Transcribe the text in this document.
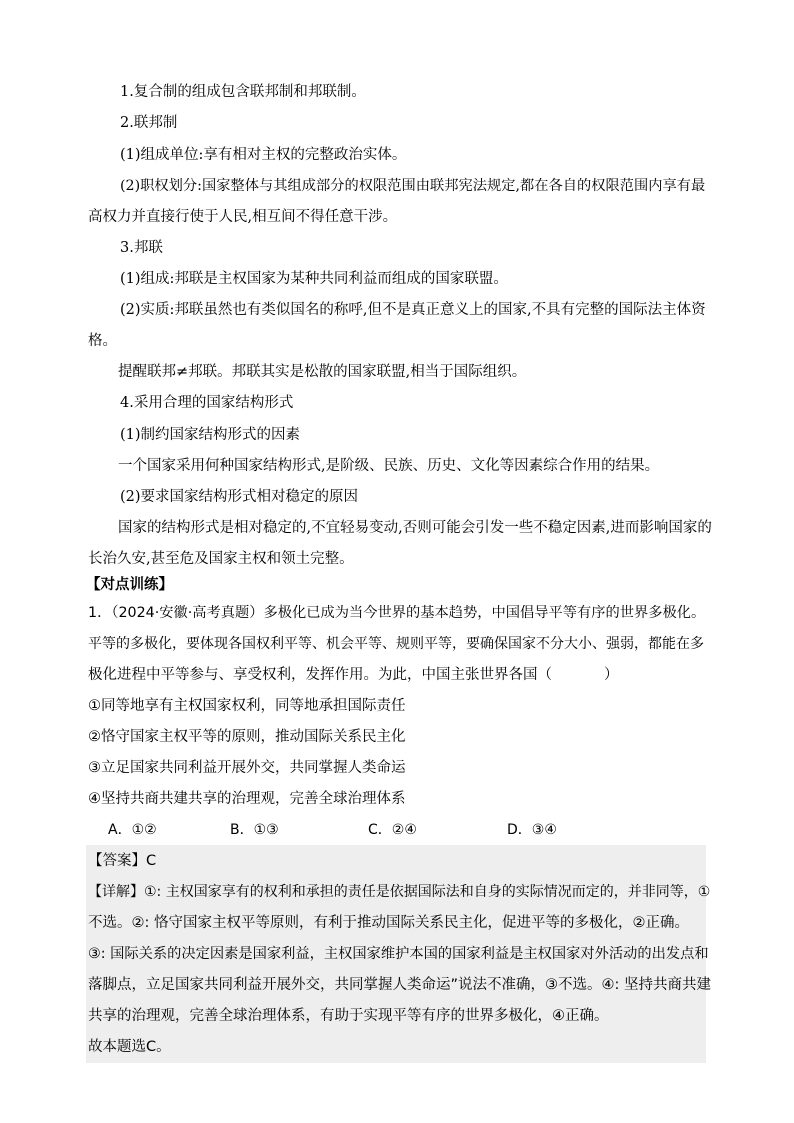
1.复合制的组成包含联邦制和邦联制。
2.联邦制
(1)组成单位:享有相对主权的完整政治实体。
(2)职权划分:国家整体与其组成部分的权限范围由联邦宪法规定,都在各自的权限范围内享有最
高权力并直接行使于人民,相互间不得任意干涉。
3.邦联
(1)组成:邦联是主权国家为某种共同利益而组成的国家联盟。
(2)实质:邦联虽然也有类似国名的称呼,但不是真正意义上的国家,不具有完整的国际法主体资
格。
提醒联邦≠邦联。邦联其实是松散的国家联盟,相当于国际组织。
4.采用合理的国家结构形式
(1)制约国家结构形式的因素
一个国家采用何种国家结构形式,是阶级、民族、历史、文化等因素综合作用的结果。
(2)要求国家结构形式相对稳定的原因
国家的结构形式是相对稳定的,不宜轻易变动,否则可能会引发一些不稳定因素,进而影响国家的
长治久安,甚至危及国家主权和领土完整。
【对点训练】
1．（2024·安徽·高考真题）多极化已成为当今世界的基本趋势，中国倡导平等有序的世界多极化。
平等的多极化，要体现各国权利平等、机会平等、规则平等，要确保国家不分大小、强弱，都能在多
极化进程中平等参与、享受权利，发挥作用。为此，中国主张世界各国（	）
①同等地享有主权国家权利，同等地承担国际责任
②恪守国家主权平等的原则，推动国际关系民主化
③立足国家共同利益开展外交，共同掌握人类命运
④坚持共商共建共享的治理观，完善全球治理体系
A．①②	B．①③	C．②④	D．③④
【答案】C
【详解】①: 主权国家享有的权利和承担的责任是依据国际法和自身的实际情况而定的，并非同等，①
不选。②: 恪守国家主权平等原则，有利于推动国际关系民主化，促进平等的多极化，②正确。
③: 国际关系的决定因素是国家利益，主权国家维护本国的国家利益是主权国家对外活动的出发点和
落脚点，立足国家共同利益开展外交，共同掌握人类命运”说法不准确，③不选。④: 坚持共商共建
共享的治理观，完善全球治理体系，有助于实现平等有序的世界多极化，④正确。
故本题选C。
